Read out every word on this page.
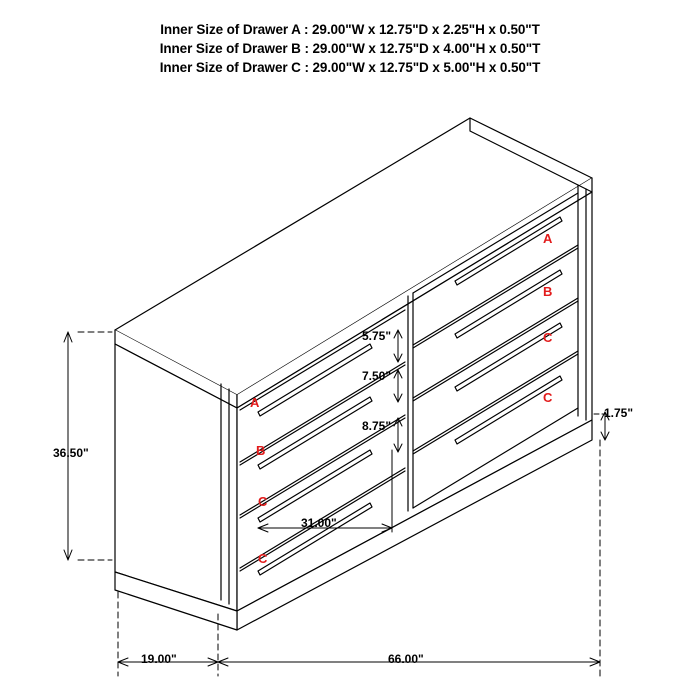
Inner Size of Drawer A : 29.00"W x 12.75"D x 2.25"H x 0.50"T
Inner Size of Drawer B : 29.00"W x 12.75"D x 4.00"H x 0.50"T
Inner Size of Drawer C : 29.00"W x 12.75"D x 5.00"H x 0.50"T
36.50"
19.00"	66.00"
1.75"
5.75"
7.50"
8.75"
31.00"
A
B
C
C
A
B
C
C
